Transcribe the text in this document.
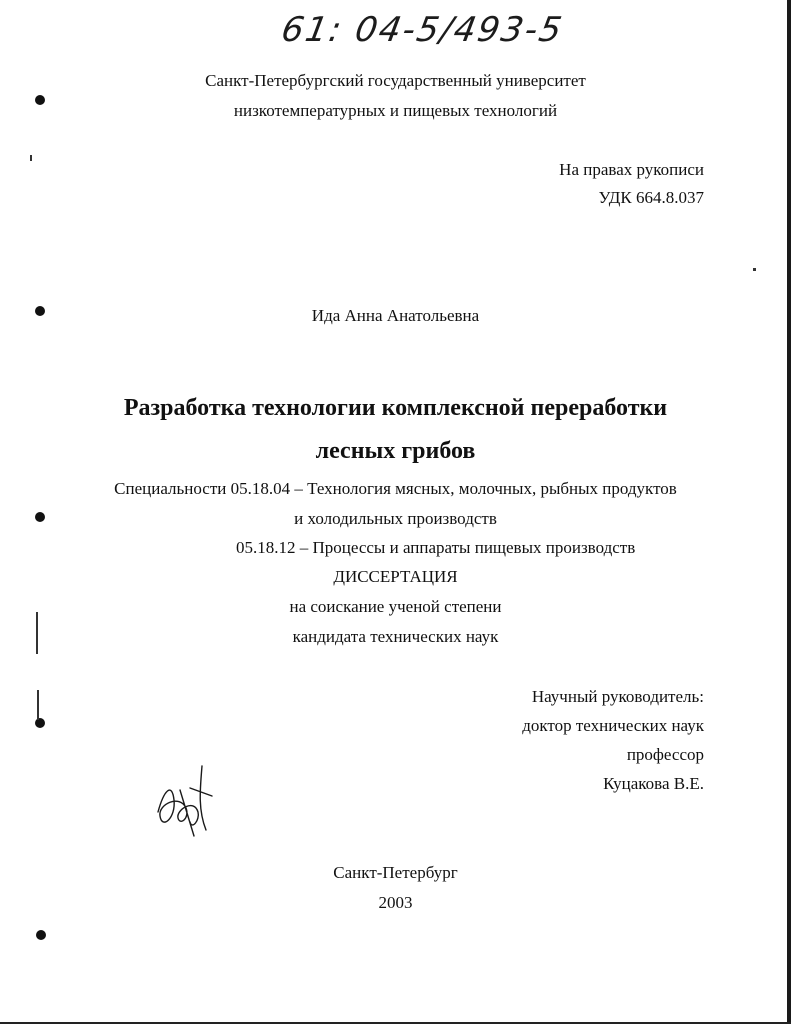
61: 04-5/493-5
Санкт-Петербургский государственный университет
низкотемпературных и пищевых технологий
На правах рукописи
УДК 664.8.037
Ида Анна Анатольевна
Разработка технологии комплексной переработки
лесных грибов
Специальности 05.18.04 – Технология мясных, молочных, рыбных продуктов
и холодильных производств
05.18.12 – Процессы и аппараты пищевых производств
ДИССЕРТАЦИЯ
на соискание ученой степени
кандидата технических наук
Научный руководитель:
доктор технических наук
профессор
Куцакова В.Е.
Санкт-Петербург
2003
